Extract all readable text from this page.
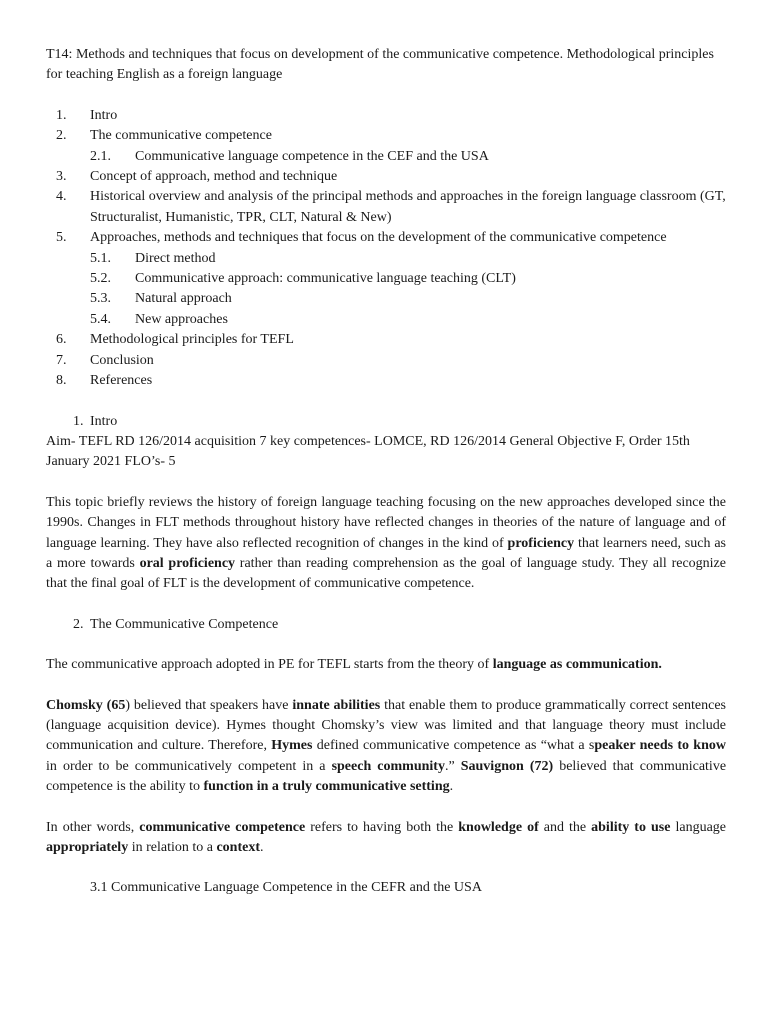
T14: Methods and techniques that focus on development of the communicative competence. Methodological principles for teaching English as a foreign language

1. Intro
2. The communicative competence
2.1. Communicative language competence in the CEF and the USA
3. Concept of approach, method and technique
4. Historical overview and analysis of the principal methods and approaches in the foreign language classroom (GT, Structuralist, Humanistic, TPR, CLT, Natural & New)
5. Approaches, methods and techniques that focus on the development of the communicative competence
5.1. Direct method
5.2. Communicative approach: communicative language teaching (CLT)
5.3. Natural approach
5.4. New approaches
6. Methodological principles for TEFL
7. Conclusion
8. References
1. Intro

Aim- TEFL RD 126/2014 acquisition 7 key competences- LOMCE, RD 126/2014 General Objective F, Order 15th January 2021 FLO’s- 5

This topic briefly reviews the history of foreign language teaching focusing on the new approaches developed since the 1990s. Changes in FLT methods throughout history have reflected changes in theories of the nature of language and of language learning. They have also reflected recognition of changes in the kind of proficiency that learners need, such as a more towards oral proficiency rather than reading comprehension as the goal of language study. They all recognize that the final goal of FLT is the development of communicative competence.

2. The Communicative Competence

The communicative approach adopted in PE for TEFL starts from the theory of language as communication.

Chomsky (65) believed that speakers have innate abilities that enable them to produce grammatically correct sentences (language acquisition device). Hymes thought Chomsky’s view was limited and that language theory must include communication and culture. Therefore, Hymes defined communicative competence as “what a speaker needs to know in order to be communicatively competent in a speech community.” Sauvignon (72) believed that communicative competence is the ability to function in a truly communicative setting.

In other words, communicative competence refers to having both the knowledge of and the ability to use language appropriately in relation to a context.

3.1 Communicative Language Competence in the CEFR and the USA
